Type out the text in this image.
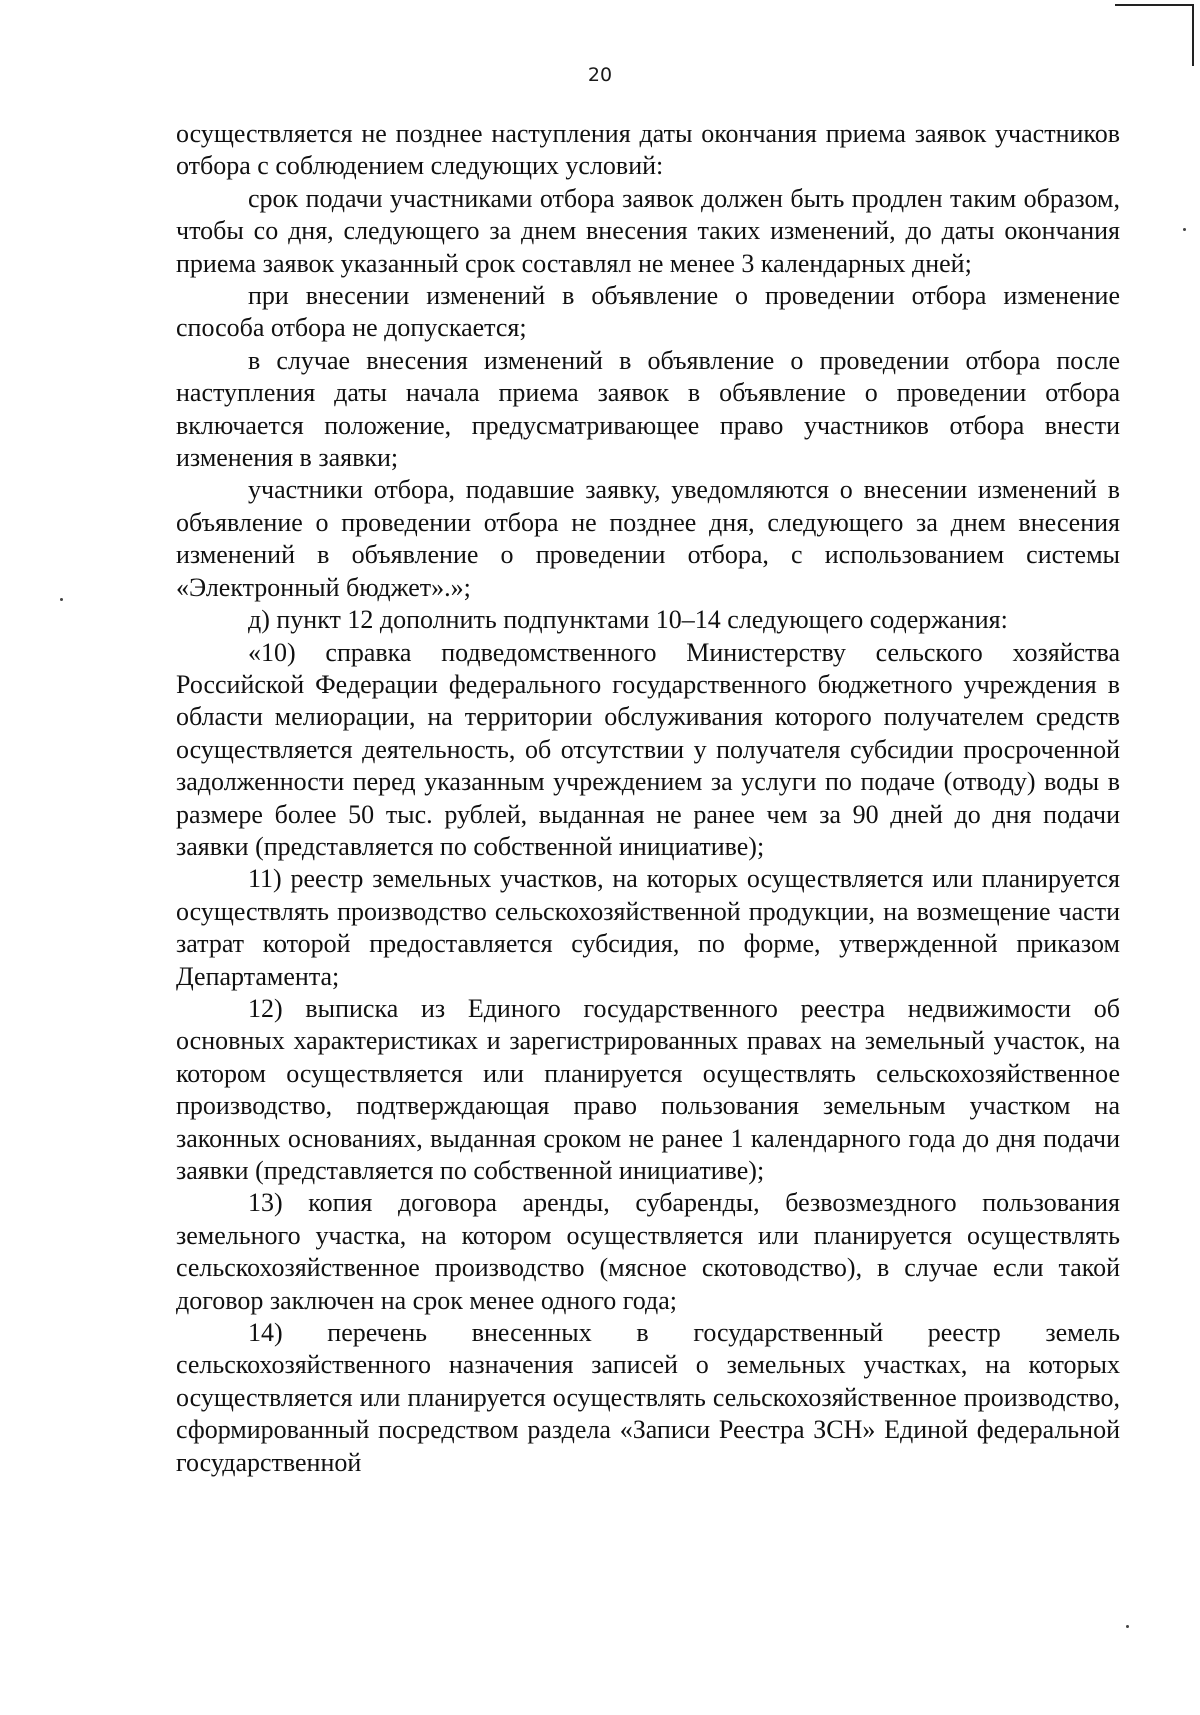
20

осуществляется не позднее наступления даты окончания приема заявок участников отбора с соблюдением следующих условий:

срок подачи участниками отбора заявок должен быть продлен таким образом, чтобы со дня, следующего за днем внесения таких изменений, до даты окончания приема заявок указанный срок составлял не менее 3 календарных дней;

при внесении изменений в объявление о проведении отбора изменение способа отбора не допускается;

в случае внесения изменений в объявление о проведении отбора после наступления даты начала приема заявок в объявление о проведении отбора включается положение, предусматривающее право участников отбора внести изменения в заявки;

участники отбора, подавшие заявку, уведомляются о внесении изменений в объявление о проведении отбора не позднее дня, следующего за днем внесения изменений в объявление о проведении отбора, с использованием системы «Электронный бюджет».»;

д) пункт 12 дополнить подпунктами 10–14 следующего содержания:

«10) справка подведомственного Министерству сельского хозяйства Российской Федерации федерального государственного бюджетного учреждения в области мелиорации, на территории обслуживания которого получателем средств осуществляется деятельность, об отсутствии у получателя субсидии просроченной задолженности перед указанным учреждением за услуги по подаче (отводу) воды в размере более 50 тыс. рублей, выданная не ранее чем за 90 дней до дня подачи заявки (представляется по собственной инициативе);

11) реестр земельных участков, на которых осуществляется или планируется осуществлять производство сельскохозяйственной продукции, на возмещение части затрат которой предоставляется субсидия, по форме, утвержденной приказом Департамента;

12) выписка из Единого государственного реестра недвижимости об основных характеристиках и зарегистрированных правах на земельный участок, на котором осуществляется или планируется осуществлять сельскохозяйственное производство, подтверждающая право пользования земельным участком на законных основаниях, выданная сроком не ранее 1 календарного года до дня подачи заявки (представляется по собственной инициативе);

13) копия договора аренды, субаренды, безвозмездного пользования земельного участка, на котором осуществляется или планируется осуществлять сельскохозяйственное производство (мясное скотоводство), в случае если такой договор заключен на срок менее одного года;

14) перечень внесенных в государственный реестр земель сельскохозяйственного назначения записей о земельных участках, на которых осуществляется или планируется осуществлять сельскохозяйственное производство, сформированный посредством раздела «Записи Реестра ЗСН» Единой федеральной государственной
